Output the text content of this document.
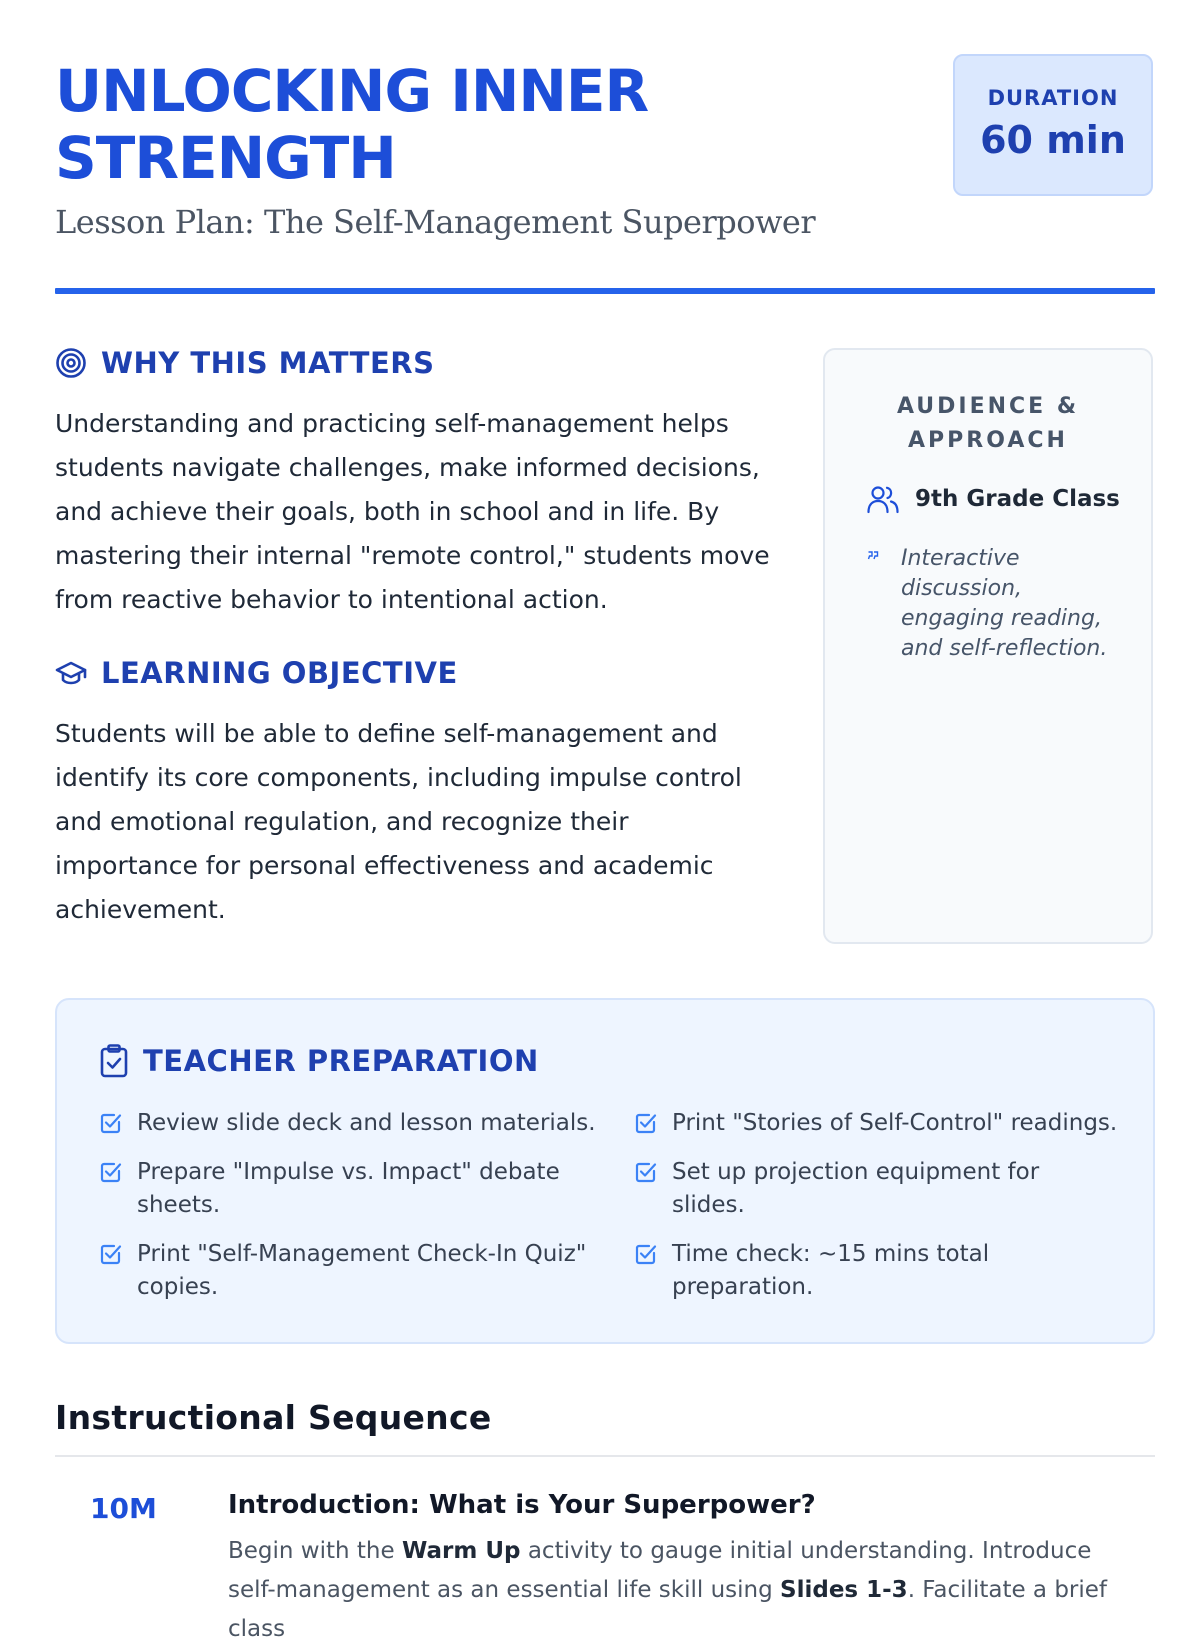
UNLOCKING INNER STRENGTH
Lesson Plan: The Self-Management Superpower
DURATION
60 min
WHY THIS MATTERS

Understanding and practicing self-management helps students navigate challenges, make informed decisions, and achieve their goals, both in school and in life. By mastering their internal "remote control," students move from reactive behavior to intentional action.

LEARNING OBJECTIVE

Students will be able to define self-management and identify its core components, including impulse control and emotional regulation, and recognize their importance for personal effectiveness and academic achievement.

AUDIENCE & APPROACH
9th Grade Class
Interactive discussion, engaging reading, and self-reflection.
TEACHER PREPARATION
Review slide deck and lesson materials.	Print "Stories of Self-Control" readings.
Prepare "Impulse vs. Impact" debate sheets.
Set up projection equipment for slides.
Print "Self-Management Check-In Quiz" copies.
Time check: ~15 mins total preparation.
Instructional Sequence
10M	Introduction: What is Your Superpower?

Begin with the Warm Up activity to gauge initial understanding. Introduce self-management as an essential life skill using Slides 1-3. Facilitate a brief class
